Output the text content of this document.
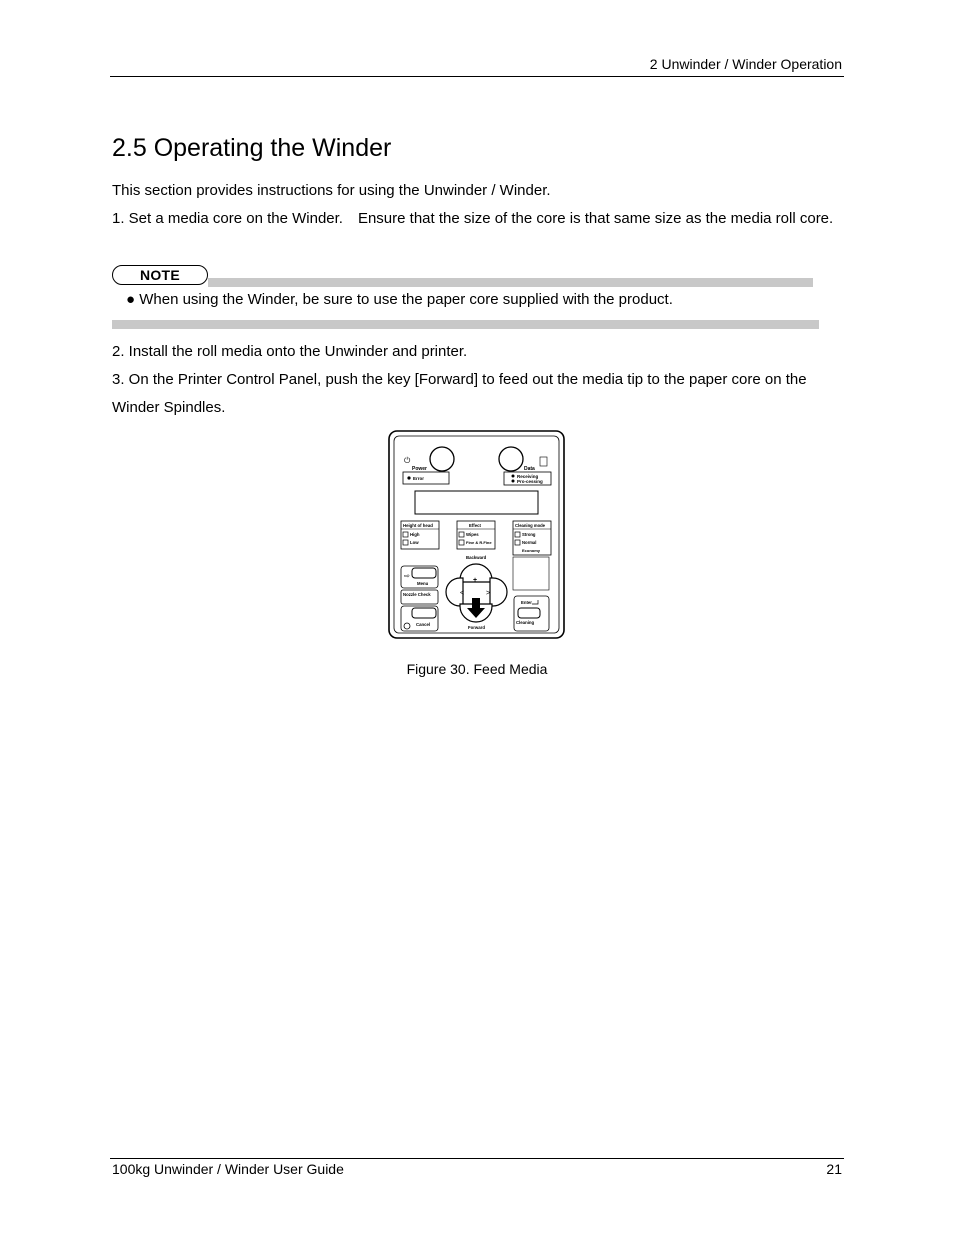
2 Unwinder / Winder Operation
2.5 Operating the Winder
This section provides instructions for using the Unwinder / Winder.
1. Set a media core on the Winder.　Ensure that the size of the core is that same size as the media roll core.
NOTE
● When using the Winder, be sure to use the paper core supplied with the product.
2. Install the roll media onto the Unwinder and printer.
3. On the Printer Control Panel, push the key [Forward] to feed out the media tip to the paper core on the Winder Spindles.
⏻
Power	Data
Error	Receiving
Pro-cessing
Height of head
High
Low
Effect
Wipes
Fine & R.Fine
Cleaning mode
Strong
Normal
Economy
Backward
+
<	>
Forward
⇨
Menu
Nozzle Check
Cancel
Enter
Cleaning
Figure 30. Feed Media
100kg Unwinder / Winder User Guide	21
